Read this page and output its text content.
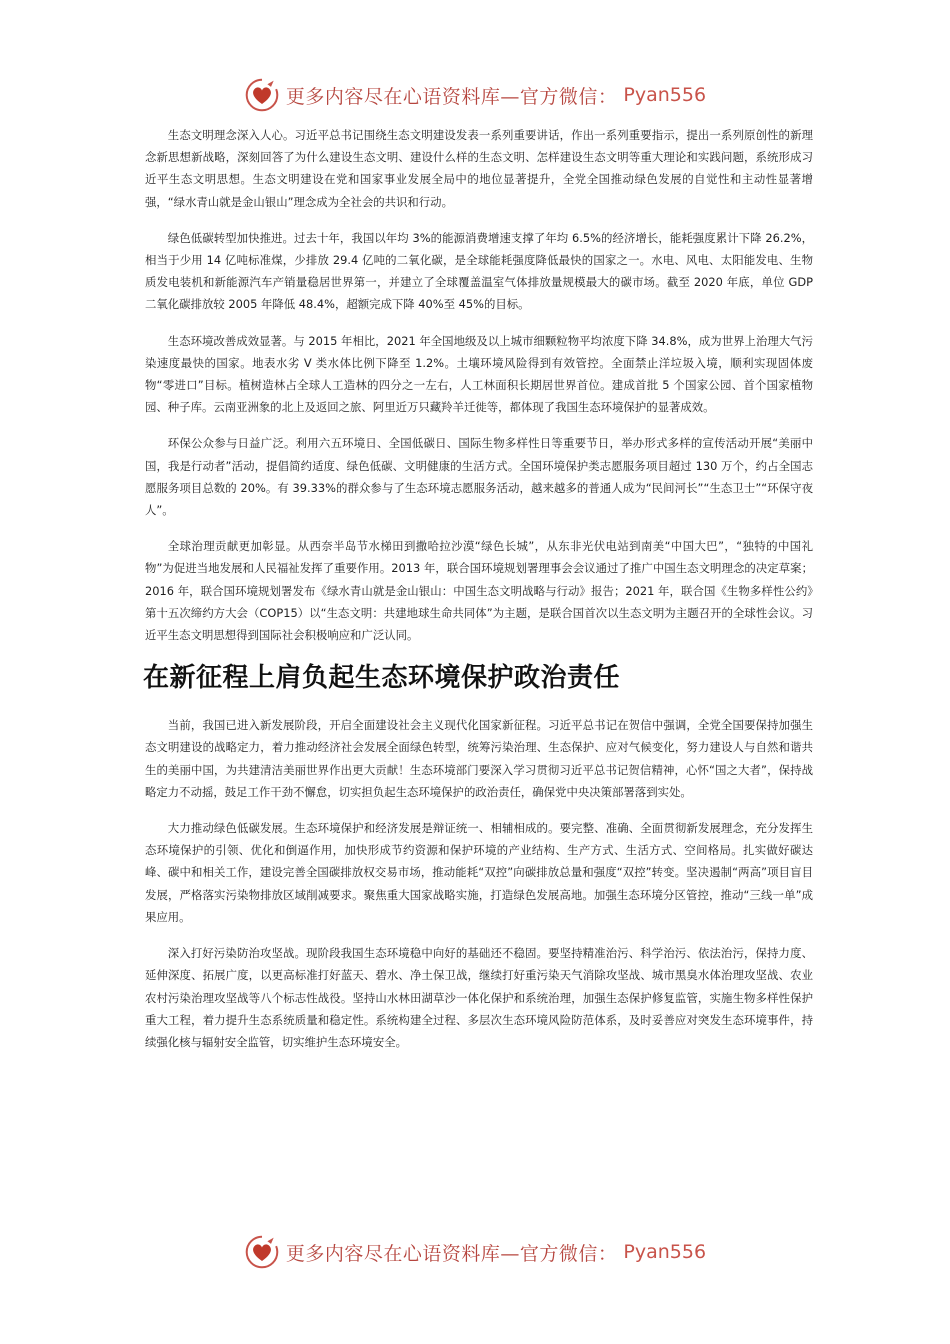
更多内容尽在心语资料库—官方微信： Pyan556

生态文明理念深入人心。习近平总书记围绕生态文明建设发表一系列重要讲话，作出一系列重要指示，提出一系列原创性的新理念新思想新战略，深刻回答了为什么建设生态文明、建设什么样的生态文明、怎样建设生态文明等重大理论和实践问题，系统形成习近平生态文明思想。生态文明建设在党和国家事业发展全局中的地位显著提升，全党全国推动绿色发展的自觉性和主动性显著增强，“绿水青山就是金山银山”理念成为全社会的共识和行动。

绿色低碳转型加快推进。过去十年，我国以年均 3%的能源消费增速支撑了年均 6.5%的经济增长，能耗强度累计下降 26.2%，相当于少用 14 亿吨标准煤，少排放 29.4 亿吨的二氧化碳，是全球能耗强度降低最快的国家之一。水电、风电、太阳能发电、生物质发电装机和新能源汽车产销量稳居世界第一，并建立了全球覆盖温室气体排放量规模最大的碳市场。截至 2020 年底，单位 GDP 二氧化碳排放较 2005 年降低 48.4%，超额完成下降 40%至 45%的目标。

生态环境改善成效显著。与 2015 年相比，2021 年全国地级及以上城市细颗粒物平均浓度下降 34.8%，成为世界上治理大气污染速度最快的国家。地表水劣 V 类水体比例下降至 1.2%。土壤环境风险得到有效管控。全面禁止洋垃圾入境，顺利实现固体废物“零进口”目标。植树造林占全球人工造林的四分之一左右，人工林面积长期居世界首位。建成首批 5 个国家公园、首个国家植物园、种子库。云南亚洲象的北上及返回之旅、阿里近万只藏羚羊迁徙等，都体现了我国生态环境保护的显著成效。

环保公众参与日益广泛。利用六五环境日、全国低碳日、国际生物多样性日等重要节日，举办形式多样的宣传活动开展“美丽中国，我是行动者”活动，提倡简约适度、绿色低碳、文明健康的生活方式。全国环境保护类志愿服务项目超过 130 万个，约占全国志愿服务项目总数的 20%。有 39.33%的群众参与了生态环境志愿服务活动，越来越多的普通人成为“民间河长”“生态卫士”“环保守夜人”。

全球治理贡献更加彰显。从西奈半岛节水梯田到撒哈拉沙漠“绿色长城”，从东非光伏电站到南美“中国大巴”，“独特的中国礼物”为促进当地发展和人民福祉发挥了重要作用。2013 年，联合国环境规划署理事会会议通过了推广中国生态文明理念的决定草案；2016 年，联合国环境规划署发布《绿水青山就是金山银山：中国生态文明战略与行动》报告；2021 年，联合国《生物多样性公约》第十五次缔约方大会（COP15）以“生态文明：共建地球生命共同体”为主题，是联合国首次以生态文明为主题召开的全球性会议。习近平生态文明思想得到国际社会积极响应和广泛认同。

在新征程上肩负起生态环境保护政治责任

当前，我国已进入新发展阶段，开启全面建设社会主义现代化国家新征程。习近平总书记在贺信中强调，全党全国要保持加强生态文明建设的战略定力，着力推动经济社会发展全面绿色转型，统筹污染治理、生态保护、应对气候变化，努力建设人与自然和谐共生的美丽中国，为共建清洁美丽世界作出更大贡献！生态环境部门要深入学习贯彻习近平总书记贺信精神，心怀“国之大者”，保持战略定力不动摇，鼓足工作干劲不懈怠，切实担负起生态环境保护的政治责任，确保党中央决策部署落到实处。

大力推动绿色低碳发展。生态环境保护和经济发展是辩证统一、相辅相成的。要完整、准确、全面贯彻新发展理念，充分发挥生态环境保护的引领、优化和倒逼作用，加快形成节约资源和保护环境的产业结构、生产方式、生活方式、空间格局。扎实做好碳达峰、碳中和相关工作，建设完善全国碳排放权交易市场，推动能耗“双控”向碳排放总量和强度“双控”转变。坚决遏制“两高”项目盲目发展，严格落实污染物排放区域削减要求。聚焦重大国家战略实施，打造绿色发展高地。加强生态环境分区管控，推动“三线一单”成果应用。

深入打好污染防治攻坚战。现阶段我国生态环境稳中向好的基础还不稳固。要坚持精准治污、科学治污、依法治污，保持力度、延伸深度、拓展广度，以更高标准打好蓝天、碧水、净土保卫战，继续打好重污染天气消除攻坚战、城市黑臭水体治理攻坚战、农业农村污染治理攻坚战等八个标志性战役。坚持山水林田湖草沙一体化保护和系统治理，加强生态保护修复监管，实施生物多样性保护重大工程，着力提升生态系统质量和稳定性。系统构建全过程、多层次生态环境风险防范体系，及时妥善应对突发生态环境事件，持续强化核与辐射安全监管，切实维护生态环境安全。

更多内容尽在心语资料库—官方微信： Pyan556
